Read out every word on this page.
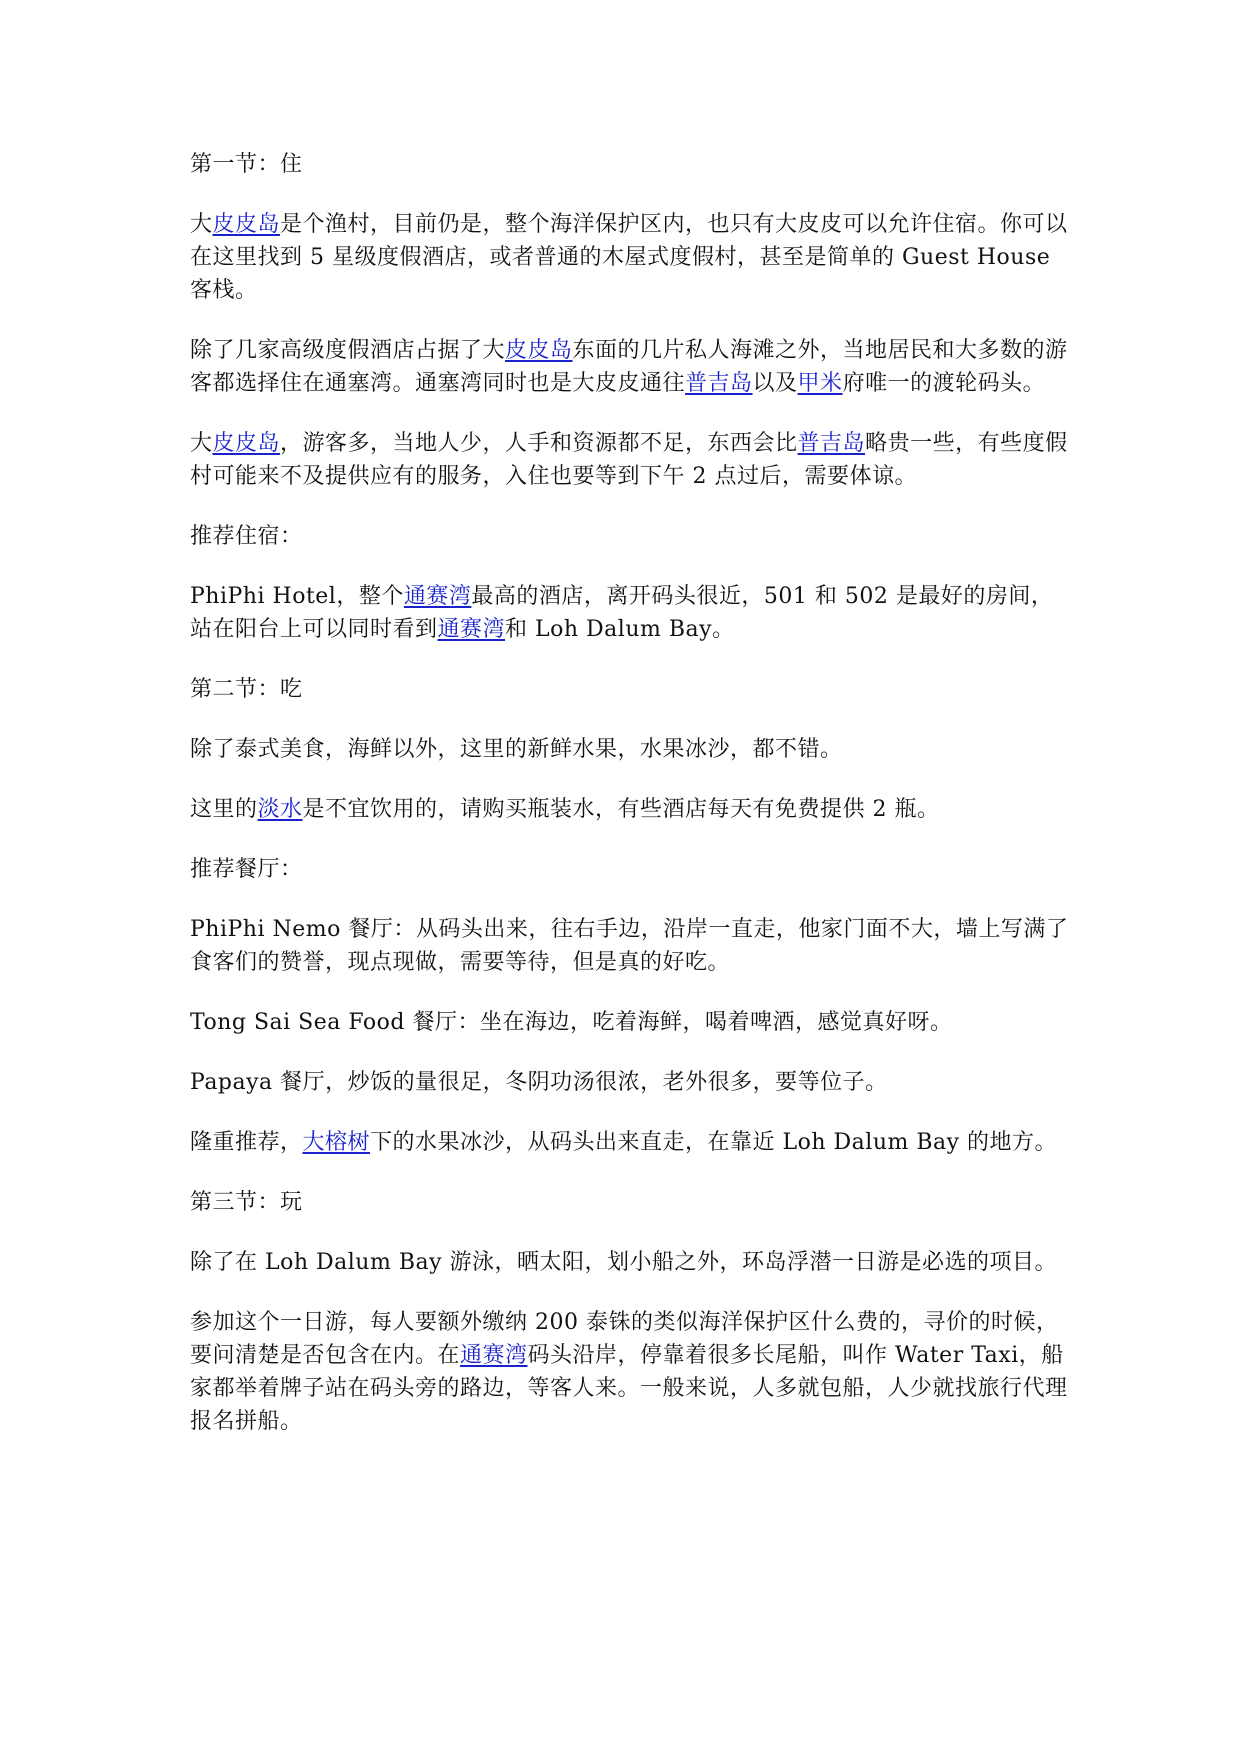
第一节：住

大皮皮岛是个渔村，目前仍是，整个海洋保护区内，也只有大皮皮可以允许住宿。你可以在这里找到 5 星级度假酒店，或者普通的木屋式度假村，甚至是简单的 Guest House 客栈。

除了几家高级度假酒店占据了大皮皮岛东面的几片私人海滩之外，当地居民和大多数的游客都选择住在通塞湾。通塞湾同时也是大皮皮通往普吉岛以及甲米府唯一的渡轮码头。

大皮皮岛，游客多，当地人少，人手和资源都不足，东西会比普吉岛略贵一些，有些度假村可能来不及提供应有的服务，入住也要等到下午 2 点过后，需要体谅。

推荐住宿：

PhiPhi Hotel，整个通赛湾最高的酒店，离开码头很近，501 和 502 是最好的房间，站在阳台上可以同时看到通赛湾和 Loh Dalum Bay。

第二节：吃

除了泰式美食，海鲜以外，这里的新鲜水果，水果冰沙，都不错。

这里的淡水是不宜饮用的，请购买瓶装水，有些酒店每天有免费提供 2 瓶。

推荐餐厅：

PhiPhi Nemo 餐厅：从码头出来，往右手边，沿岸一直走，他家门面不大，墙上写满了食客们的赞誉，现点现做，需要等待，但是真的好吃。

Tong Sai Sea Food 餐厅：坐在海边，吃着海鲜，喝着啤酒，感觉真好呀。

Papaya 餐厅，炒饭的量很足，冬阴功汤很浓，老外很多，要等位子。

隆重推荐，大榕树下的水果冰沙，从码头出来直走，在靠近 Loh Dalum Bay 的地方。

第三节：玩

除了在 Loh Dalum Bay 游泳，晒太阳，划小船之外，环岛浮潜一日游是必选的项目。

参加这个一日游，每人要额外缴纳 200 泰铢的类似海洋保护区什么费的，寻价的时候，要问清楚是否包含在内。在通赛湾码头沿岸，停靠着很多长尾船，叫作 Water Taxi，船家都举着牌子站在码头旁的路边，等客人来。一般来说，人多就包船，人少就找旅行代理报名拼船。
